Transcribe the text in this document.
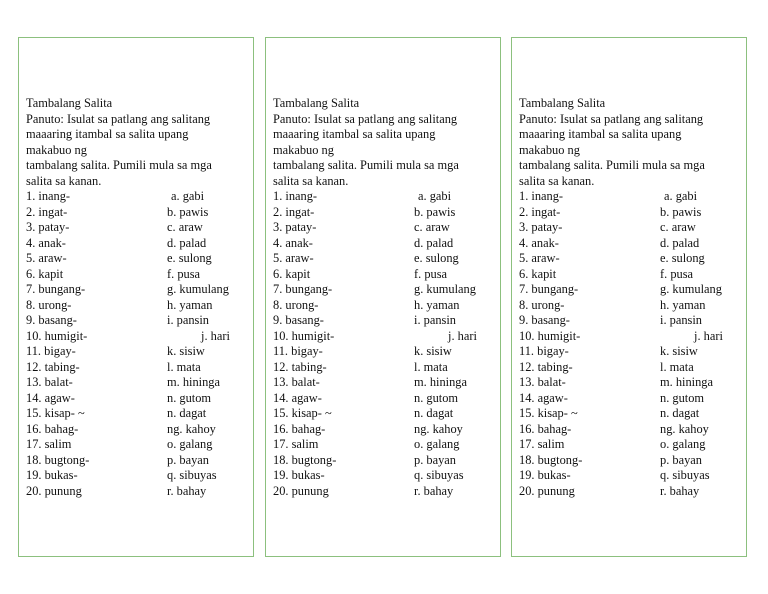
Tambalang Salita
Panuto: Isulat sa patlang ang salitang
maaaring itambal sa salita upang
makabuo ng
tambalang salita. Pumili mula sa mga
salita sa kanan.
1. inang-	a. gabi
2. ingat-	b. pawis
3. patay-	c. araw
4. anak-	d. palad
5. araw-	e. sulong
6. kapit	f. pusa
7. bungang-	g. kumulang
8. urong-	h. yaman
9. basang-	i. pansin
10. humigit-	j. hari
11. bigay-	k. sisiw
12. tabing-	l. mata
13. balat-	m. hininga
14. agaw-	n. gutom
15. kisap- ~	n. dagat
16. bahag-	ng. kahoy
17. salim	o. galang
18. bugtong-	p. bayan
19. bukas-	q. sibuyas
20. punung	r. bahay
Tambalang Salita
Panuto: Isulat sa patlang ang salitang
maaaring itambal sa salita upang
makabuo ng
tambalang salita. Pumili mula sa mga
salita sa kanan.
1. inang-	a. gabi
2. ingat-	b. pawis
3. patay-	c. araw
4. anak-	d. palad
5. araw-	e. sulong
6. kapit	f. pusa
7. bungang-	g. kumulang
8. urong-	h. yaman
9. basang-	i. pansin
10. humigit-	j. hari
11. bigay-	k. sisiw
12. tabing-	l. mata
13. balat-	m. hininga
14. agaw-	n. gutom
15. kisap- ~	n. dagat
16. bahag-	ng. kahoy
17. salim	o. galang
18. bugtong-	p. bayan
19. bukas-	q. sibuyas
20. punung	r. bahay
Tambalang Salita
Panuto: Isulat sa patlang ang salitang
maaaring itambal sa salita upang
makabuo ng
tambalang salita. Pumili mula sa mga
salita sa kanan.
1. inang-	a. gabi
2. ingat-	b. pawis
3. patay-	c. araw
4. anak-	d. palad
5. araw-	e. sulong
6. kapit	f. pusa
7. bungang-	g. kumulang
8. urong-	h. yaman
9. basang-	i. pansin
10. humigit-	j. hari
11. bigay-	k. sisiw
12. tabing-	l. mata
13. balat-	m. hininga
14. agaw-	n. gutom
15. kisap- ~	n. dagat
16. bahag-	ng. kahoy
17. salim	o. galang
18. bugtong-	p. bayan
19. bukas-	q. sibuyas
20. punung	r. bahay
